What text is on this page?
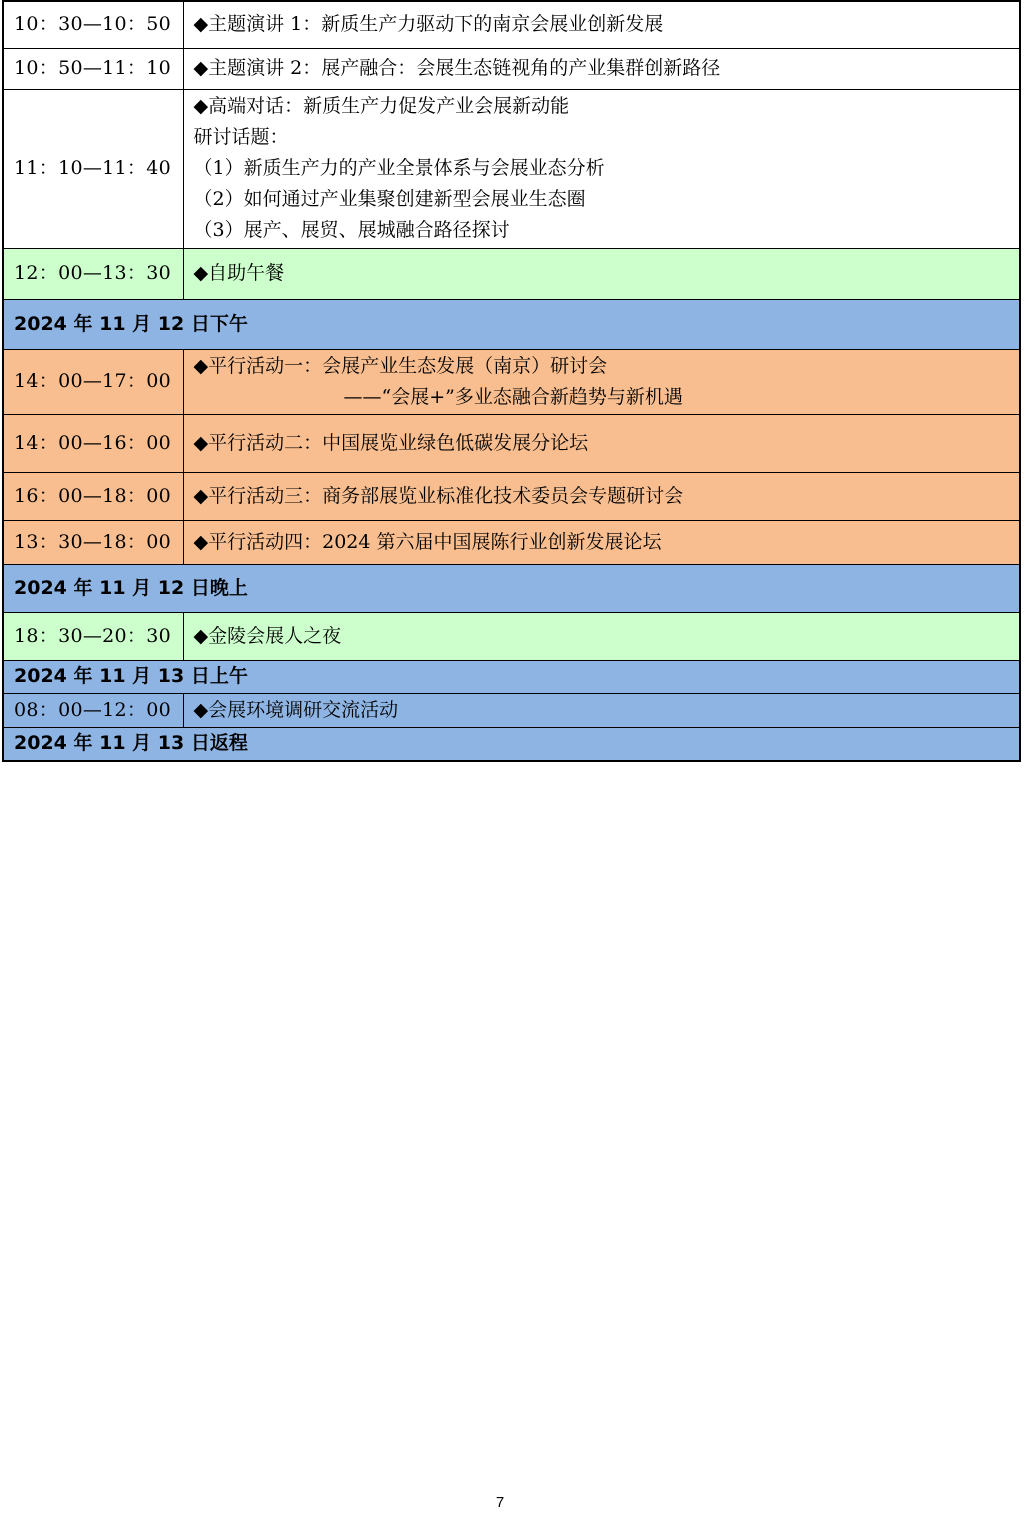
10：30—10：50	◆主题演讲 1：新质生产力驱动下的南京会展业创新发展

10：50—11：10	◆主题演讲 2：展产融合：会展生态链视角的产业集群创新路径

11：10—11：40	◆高端对话：新质生产力促发产业会展新动能
研讨话题：
（1）新质生产力的产业全景体系与会展业态分析
（2）如何通过产业集聚创建新型会展业生态圈
（3）展产、展贸、展城融合路径探讨

12：00—13：30	◆自助午餐

2024 年 11 月 12 日下午	
14：00—17：00	◆平行活动一：会展产业生态发展（南京）研讨会
——“会展+”多业态融合新趋势与新机遇

14：00—16：00	◆平行活动二：中国展览业绿色低碳发展分论坛

16：00—18：00	◆平行活动三：商务部展览业标准化技术委员会专题研讨会

13：30—18：00	◆平行活动四：2024 第六届中国展陈行业创新发展论坛

2024 年 11 月 12 日晚上	
18：30—20：30	◆金陵会展人之夜

2024 年 11 月 13 日上午	
08：00—12：00	◆会展环境调研交流活动

2024 年 11 月 13 日返程	
7
